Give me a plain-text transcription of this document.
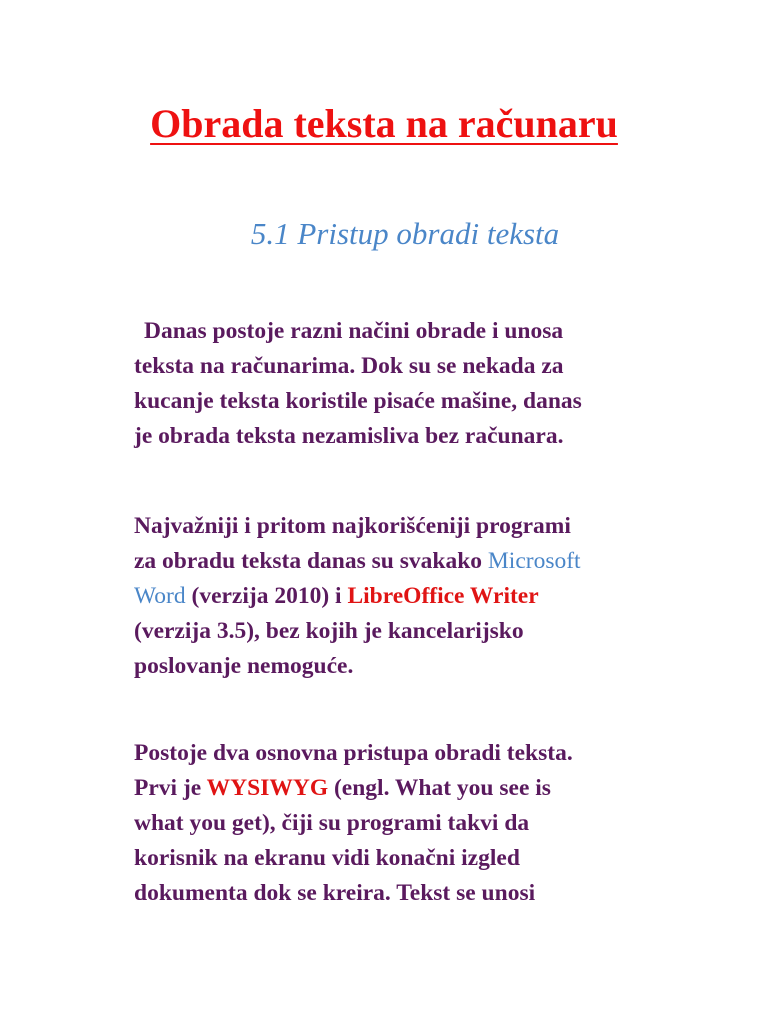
Obrada teksta na računaru
5.1 Pristup obradi teksta

Danas postoje razni načini obrade i unosa
teksta na računarima. Dok su se nekada za
kucanje teksta koristile pisaće mašine, danas
je obrada teksta nezamisliva bez računara.

Najvažniji i pritom najkorišćeniji programi
za obradu teksta danas su svakako Microsoft
Word (verzija 2010) i LibreOffice Writer
(verzija 3.5), bez kojih je kancelarijsko
poslovanje nemoguće.

Postoje dva osnovna pristupa obradi teksta.
Prvi je WYSIWYG (engl. What you see is
what you get), čiji su programi takvi da
korisnik na ekranu vidi konačni izgled
dokumenta dok se kreira. Tekst se unosi
